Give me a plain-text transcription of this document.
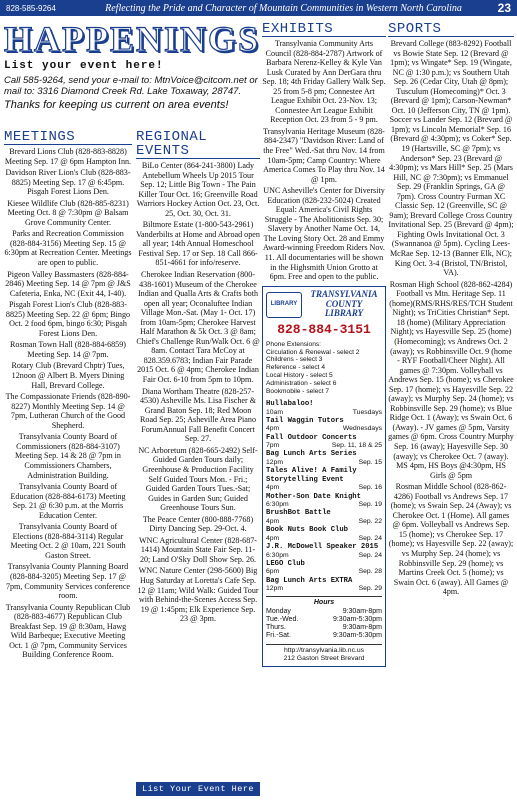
828-585-9264	Reflecting the Pride and Character of Mountain Communities in Western North Carolina	23
HAPPENINGS
List your event here!
Call 585-9264, send your e-mail to: MtnVoice@citcom.net or mail to: 3316 Diamond Creek Rd. Lake Toxaway, 28747.
Thanks for keeping us current on area events!
MEETINGS
Brevard Lions Club (828-883-8828) Meeting Sep. 17 @ 6pm Hampton Inn.
Davidson River Lion's Club (828-883-8825) Meeting Sep. 17 @ 6:45pm. Pisgah Forest Lions Den.
Kiesee Wildlife Club (828-885-8231) Meeting Oct. 8 @ 7:30pm @ Balsam Grove Community Center.
Parks and Recreation Commission (828-884-3156) Meeting Sep. 15 @ 6:30pm at Recreation Center. Meetings are open to public.
Pigeon Valley Bassmasters (828-884-2846) Meeting Sep. 14 @ 7pm @ J&S Cafeteria, Enka, NC (Exit 44, I-40).
Pisgah Forest Lion's Club (828-883-8825) Meeting Sep. 22 @ 6pm; Bingo Oct. 2 food 6pm, bingo 6:30; Pisgah Forest Lions Den.
Rosman Town Hall (828-884-6859) Meeting Sep. 14 @ 7pm.
Rotary Club (Brevard Chptr) Tues, 12noon @ Albert B. Myers Dining Hall, Brevard College.
The Compassionate Friends (828-890-8227) Monthly Meeting Sep. 14 @ 7pm, Lutheran Church of the Good Shepherd.
Transylvania County Board of Commissioners (828-884-3107) Meeting Sep. 14 & 28 @ 7pm in Commissioners Chambers, Administration Building.
Transylvania County Board of Education (828-884-6173) Meeting Sep. 21 @ 6:30 p.m. at the Morris Education Center.
Transylvania County Board of Elections (828-884-3114) Regular Meeting Oct. 2 @ 10am, 221 South Gaston Street.
Transylvania County Planning Board (828-884-3205) Meeting Sep. 17 @ 7pm, Community Services conference room.
Transylvania County Republican Club (828-883-4677) Republican Club Breakfast Sep. 19 @ 8:30am, Hawg Wild Barbeque; Executive Meeting Oct. 1 @ 7pm, Community Services Building Conference Room.
REGIONAL EVENTS
BiLo Center (864-241-3800) Lady Antebellum Wheels Up 2015 Tour Sep. 12; Little Big Town - The Pain Killer Tour Oct. 16; Greenville Road Warriors Hockey Action Oct. 23, Oct. 25, Oct. 30, Oct. 31.
Biltmore Estate (1-800-543-2961) Vanderbilts at Home and Abroad open all year; 14th Annual Homeschool Festival Sep. 17 or Sep. 18 Call 866-851-4661 for info/reserve.
Cherokee Indian Reservation (800-438-1601) Museum of the Cherokee Indian and Qualla Arts & Crafts both open all year; Oconaluftee Indian Village Mon.-Sat. (May 1- Oct. 17) from 10am-5pm; Cherokee Harvest Half Marathon & 5k Oct. 3 @ 8am; Chief's Challenge Run/Walk Oct. 6 @ 8am. Contact Tara McCoy at 828.359.6783; Indian Fair Parade 2015 Oct. 6 @ 4pm; Cherokee Indian Fair Oct. 6-10 from 5pm to 10pm.
Diana Wortham Theatre (828-257-4530) Asheville Ms. Lisa Fischer & Grand Baton Sep. 18; Red Moon Road Sep. 25; Asheville Area Piano ForumAnnual Fall Benefit Concert Sep. 27.
NC Arboretum (828-665-2492) Self-Guided Garden Tours daily; Greenhouse & Production Facility Self Guided Tours Mon. - Fri.; Guided Garden Tours Tues.-Sat; Guides in Garden Sun; Guided Greenhouse Tours Sun.
The Peace Center (800-888-7768) Dirty Dancing Sep. 29-Oct. 4.
WNC Agricultural Center (828-687-1414) Mountain State Fair Sep. 11-20; Land O'Sky Doll Show Sep. 26.
WNC Nature Center (298-5600) Big Hug Saturday at Loretta's Cafe Sep. 12 @ 11am; Wild Walk: Guided Tour with Behind-the-Scenes Access Sep. 19 @ 1:45pm; Elk Experience Sep. 23 @ 3pm.
List Your Event Here
EXHIBITS
Transylvania Community Arts Council (828-884-2787) Artwork of Barbara Nerenz-Kelley & Kyle Van Lusk Curated by Ann DerGara thru Sep. 18; 4th Friday Gallery Walk Sep. 25 from 5-8 pm; Connestee Art League Exhibit Oct. 23-Nov. 13; Connestee Art League Exhibit Reception Oct. 23 from 5 - 9 pm.
Transylvania Heritage Museum (828-884-2347) "Davidson River: Land of the Free" Wed.-Sat thru Nov. 14 from 10am-5pm; Camp Country: Where America Comes To Play thru Nov. 14 @ 1pm.
UNC Asheville's Center for Diversity Education (828-232-5024) Created Equal: America's Civil Rights Struggle - The Abolitionists Sep. 30; Slavery by Another Name Oct. 14, The Loving Story Oct. 28 and Emmy Award-winning Freedom Riders Nov. 11. All documentaries will be shown in the Highsmith Union Grotto at 6pm. Free and open to the public.
LIBRARY
TRANSYLVANIA COUNTY LIBRARY
828-884-3151
Phone Extensions:
Circulation & Renewal - select 2
Childrens - select 3
Reference - select 4
Local History - select 5
Administration - select 6
Bookmobile - select 7
Hullabaloo!
10am	Tuesdays
Tail Waggin Tutors
4pm	Wednesdays
Fall Outdoor Concerts
7pm	Sep. 11, 18 & 25
Bag Lunch Arts Series
12pm	Sep. 15
Tales Alive! A Family Storytelling Event
4pm	Sep. 16
Mother-Son Date Knight
6:30pm	Sep. 19
BrushBot Battle
4pm	Sep. 22
Book Nuts Book Club
4pm	Sep. 24
J.R. McDowell Speaker 2015
6:30pm	Sep. 24
LEGO Club
6pm	Sep. 28
Bag Lunch Arts EXTRA
12pm	Sep. 29
Hours
Monday	9:30am-8pm
Tue.-Wed.	9:30am-5:30pm
Thurs.	9:30am-8pm
Fri.-Sat.	9:30am-5:30pm
http://transylvania.lib.nc.us
212 Gaston Street Brevard
SPORTS
Brevard College (883-8292) Football vs Bowie State Sep. 12 (Brevard @ 1pm); vs Wingate* Sep. 19 (Wingate, NC @ 1:30 p.m.); vs Southern Utah Sep. 26 (Cedar City, Utah @ 8pm); Tusculum (Homecoming)* Oct. 3 (Brevard @ 1pm); Carson-Newman* Oct. 10 (Jefferson City, TN @ 1pm). Soccer vs Lander Sep. 12 (Brevard @ 1pm); vs Lincoln Memorial* Sep. 16 (Brevard @ 4:30pm); vs Coker* Sep. 19 (Hartsville, SC @ 7pm); vs Anderson* Sep. 23 (Brevard @ 4:30pm); vs Mars Hill* Sep. 25 (Mars Hill, NC @ 7:30pm); vs Emmanuel Sep. 29 (Franklin Springs, GA @ 7pm). Cross Country Furman XC Classic Sep. 12 (Greenville, SC @ 9am); Brevard College Cross Country Invitational Sep. 25 (Brevard @ 4pm); Fighting Owls Invitational Oct. 3 (Swannanoa @ 5pm). Cycling Lees-McRae Sep. 12-13 (Banner Elk, NC); King Oct. 3-4 (Bristol, TN/Bristol, VA).
Rosman High School (828-862-4284) Football vs Mtn. Heritage Sep. 11 (home)(RMS/RHS/RES/TCH Student Night); vs TriCities Christian* Sept. 18 (home) (Military Appreciation Night); vs Hayesville Sep. 25 (home) (Homecoming); vs Andrews Oct. 2 (away); vs Robbinsville Oct. 9 (home - RYF Football/Cheer Night). All games @ 7:30pm. Volleyball vs Andrews Sep. 15 (home); vs Cherokee Sep. 17 (home); vs Hayesville Sep. 22 (away); vs Murphy Sep. 24 (home); vs Robbinsville Sep. 29 (home); vs Blue Ridge Oct. 1 (Away); vs Swain Oct. 6 (Away). - JV games @ 5pm, Varsity games @ 6pm. Cross Country Murphy Sep. 16 (away); Hayesville Sep. 30 (away); vs Cherokee Oct. 7 (away). MS 4pm, HS Boys @4:30pm, HS Girls @ 5pm
Rosman Middle School (828-862-4286) Football vs Andrews Sep. 17 (home); vs Swain Sep. 24 (Away); vs Cherokee Oct. 1 (Home). All games @ 6pm. Volleyball vs Andrews Sep. 15 (home); vs Cherokee Sep. 17 (home); vs Hayesville Sep. 22 (away); vs Murphy Sep. 24 (home); vs Robbinsville Sep. 29 (home); vs Martins Creek Oct. 5 (home); vs Swain Oct. 6 (away). All Games @ 4pm.
